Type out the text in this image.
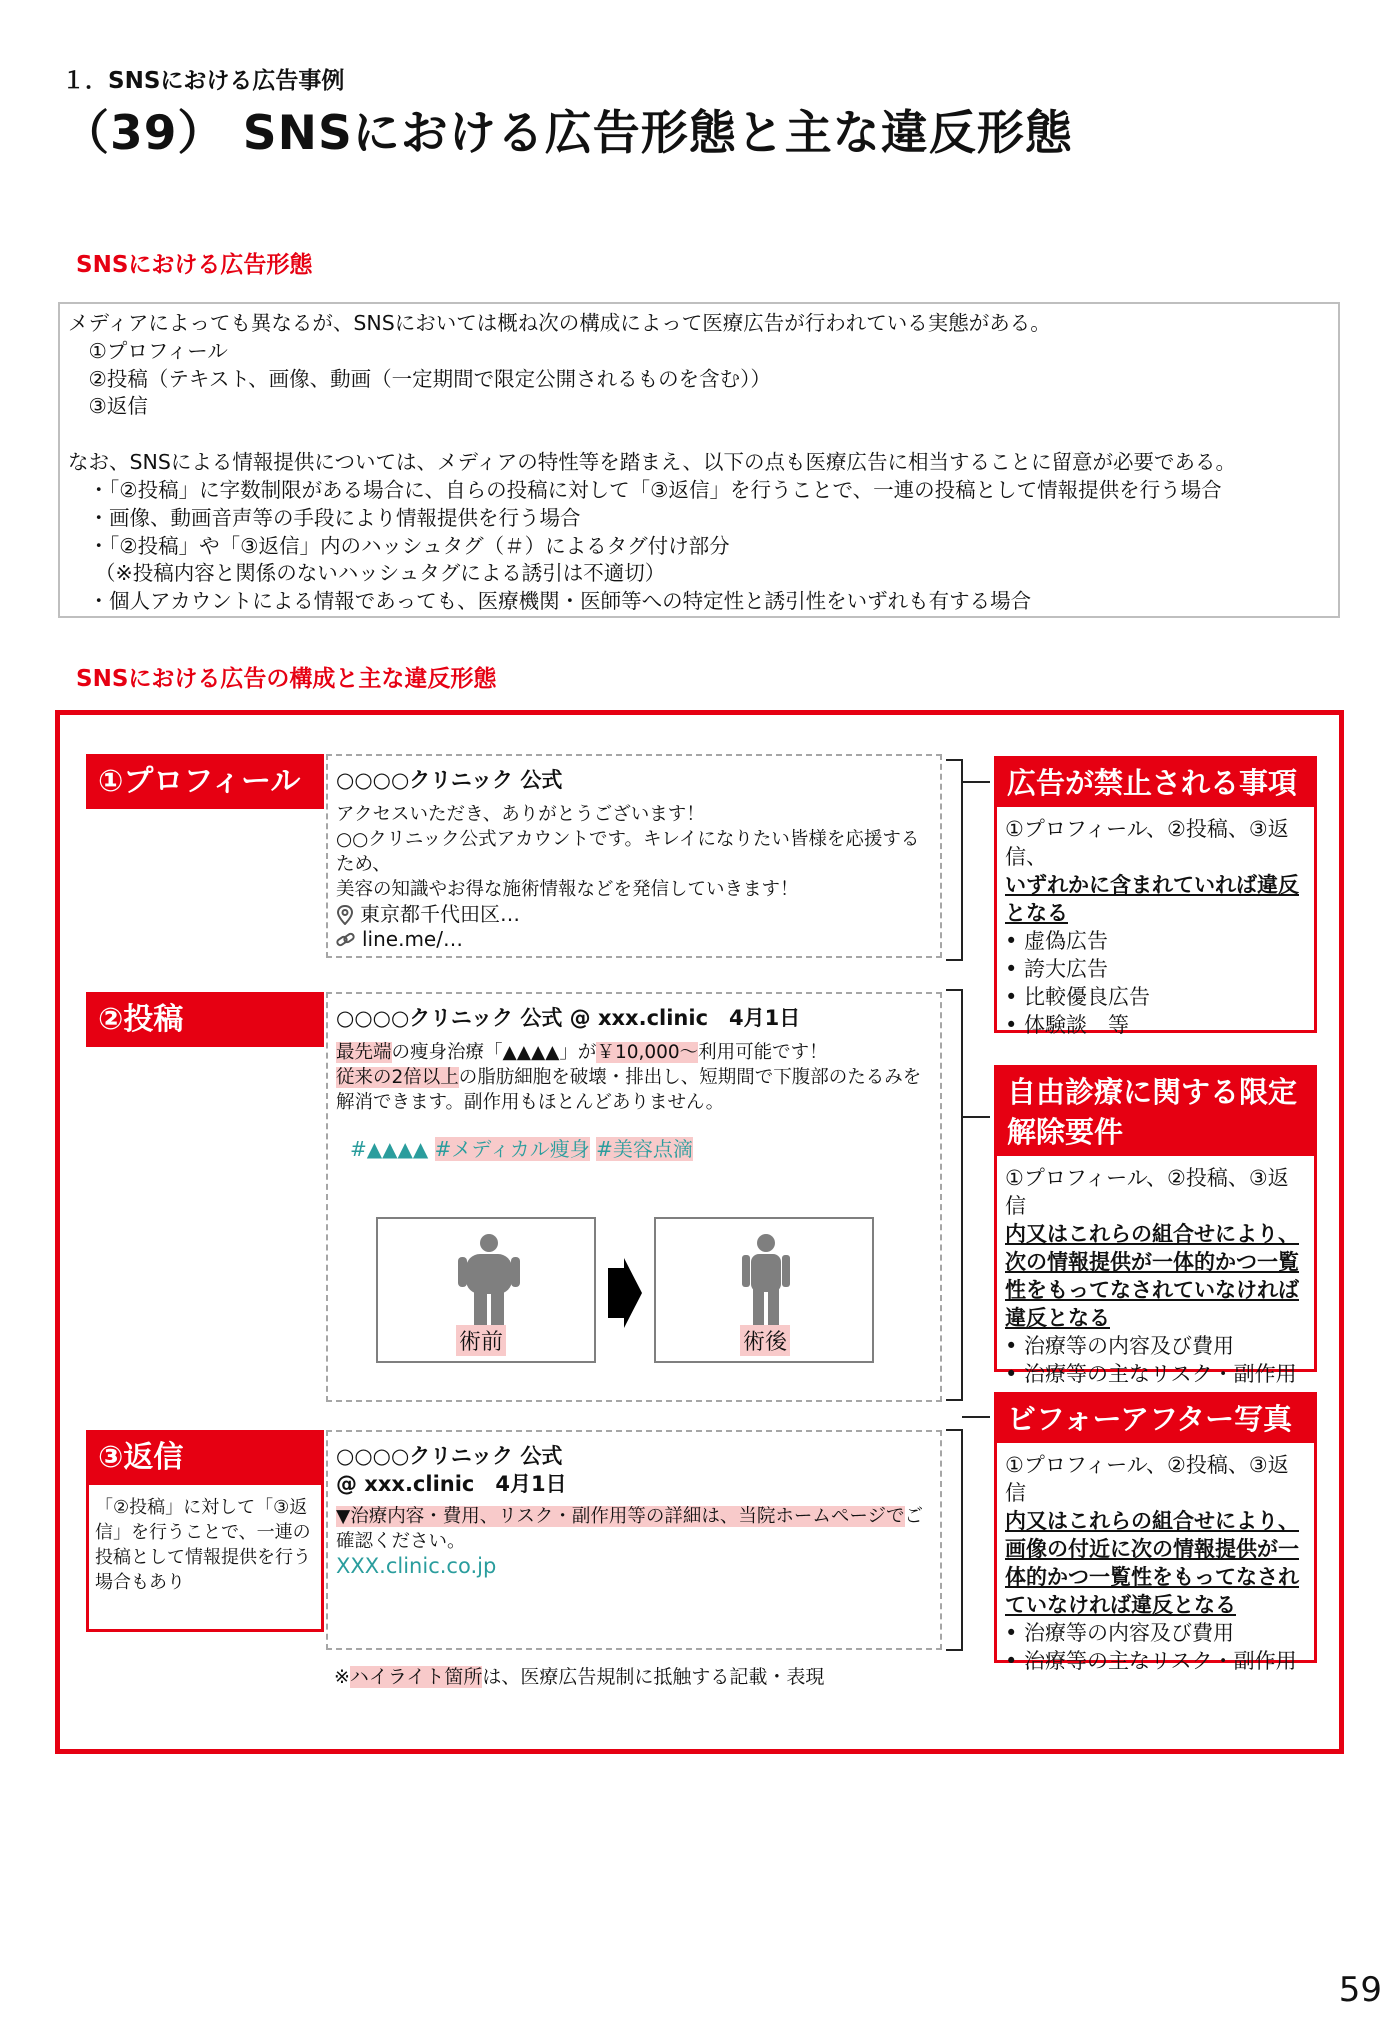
１．SNSにおける広告事例
（39） SNSにおける広告形態と主な違反形態
SNSにおける広告形態
メディアによっても異なるが、SNSにおいては概ね次の構成によって医療広告が行われている実態がある。
　①プロフィール
　②投稿（テキスト、画像、動画（一定期間で限定公開されるものを含む））
　③返信
なお、SNSによる情報提供については、メディアの特性等を踏まえ、以下の点も医療広告に相当することに留意が必要である。
　・「②投稿」に字数制限がある場合に、自らの投稿に対して「③返信」を行うことで、一連の投稿として情報提供を行う場合
　・画像、動画音声等の手段により情報提供を行う場合
　・「②投稿」や「③返信」内のハッシュタグ（＃）によるタグ付け部分
　 （※投稿内容と関係のないハッシュタグによる誘引は不適切）
　・個人アカウントによる情報であっても、医療機関・医師等への特定性と誘引性をいずれも有する場合
SNSにおける広告の構成と主な違反形態
①プロフィール
②投稿
③返信
「②投稿」に対して「③返信」を行うことで、一連の投稿として情報提供を行う場合もあり
○○○○クリニック 公式
アクセスいただき、ありがとうございます！
○○クリニック公式アカウントです。キレイになりたい皆様を応援するため、
美容の知識やお得な施術情報などを発信していきます！
東京都千代田区…
line.me/…
○○○○クリニック 公式 @ xxx.clinic　4月1日
最先端の痩身治療「▲▲▲▲」が￥10,000～利用可能です！
従来の2倍以上の脂肪細胞を破壊・排出し、短期間で下腹部のたるみを
解消できます。副作用もほとんどありません。
#▲▲▲▲ #メディカル痩身 #美容点滴
術前	術後
○○○○クリニック 公式
@ xxx.clinic　4月1日
▼治療内容・費用、リスク・副作用等の詳細は、当院ホームページでご確認ください。
XXX.clinic.co.jp
※ハイライト箇所は、医療広告規制に抵触する記載・表現
広告が禁止される事項
①プロフィール、②投稿、③返信、
いずれかに含まれていれば違反となる
• 虚偽広告
• 誇大広告
• 比較優良広告
• 体験談　等
自由診療に関する限定解除要件
①プロフィール、②投稿、③返信
内又はこれらの組合せにより、次の情報提供が一体的かつ一覧性をもってなされていなければ違反となる
• 治療等の内容及び費用
• 治療等の主なリスク・副作用
ビフォーアフター写真
①プロフィール、②投稿、③返信
内又はこれらの組合せにより、画像の付近に次の情報提供が一体的かつ一覧性をもってなされていなければ違反となる
• 治療等の内容及び費用
• 治療等の主なリスク・副作用
59
